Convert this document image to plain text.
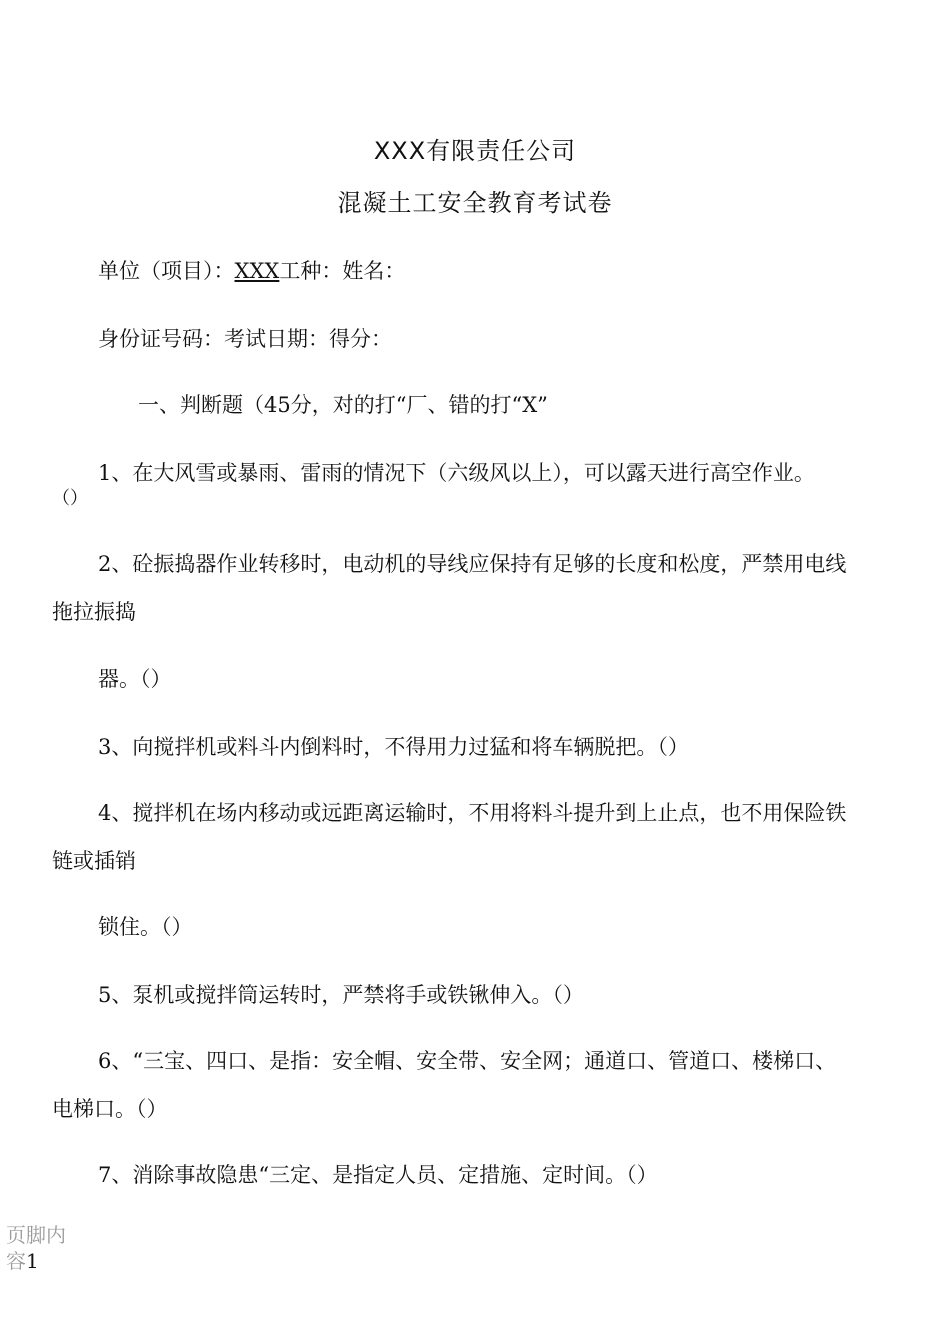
XXX有限责任公司
混凝土工安全教育考试卷
单位（项目）：XXX工种：姓名：
身份证号码：考试日期：得分：
一、判断题（45分，对的打“厂、错的打“X”
1、在大风雪或暴雨、雷雨的情况下（六级风以上），可以露天进行高空作业。
（）
2、砼振捣器作业转移时，电动机的导线应保持有足够的长度和松度，严禁用电线
拖拉振捣
器。（）
3、向搅拌机或料斗内倒料时，不得用力过猛和将车辆脱把。（）
4、搅拌机在场内移动或远距离运输时，不用将料斗提升到上止点，也不用保险铁
链或插销
锁住。（）
5、泵机或搅拌筒运转时，严禁将手或铁锹伸入。（）
6、“三宝、四口、是指：安全帽、安全带、安全网；通道口、管道口、楼梯口、
电梯口。（）
7、消除事故隐患“三定、是指定人员、定措施、定时间。（）
页脚内
容1
